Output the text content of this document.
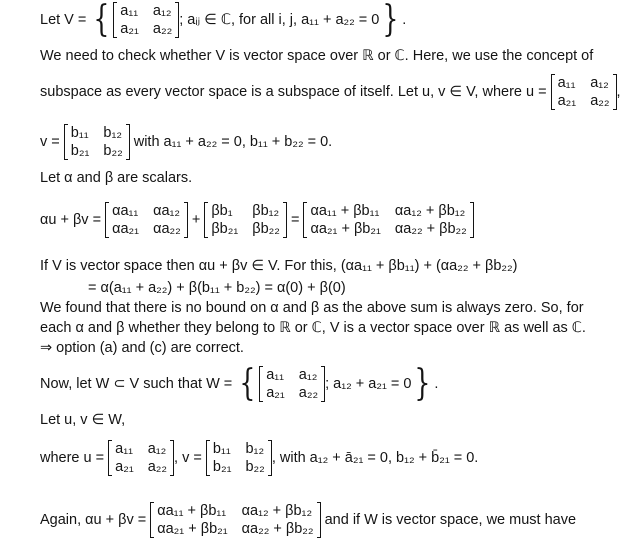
Let V = { a₁₁ a₁₂
a₂₁ a₂₂
; aᵢⱼ ∈ ℂ, for all i, j, a₁₁ + a₂₂ = 0 } .
We need to check whether V is vector space over ℝ or ℂ. Here, we use the concept of
subspace as every vector space is a subspace of itself. Let u, v ∈ V, where u =
a₁₁ a₁₂
a₂₁ a₂₂
,
v =
b₁₁ b₁₂
b₂₁ b₂₂
with a₁₁ + a₂₂ = 0, b₁₁ + b₂₂ = 0.
Let α and β are scalars.
αu + βv =
αa₁₁ αa₁₂
αa₂₁ αa₂₂
+
βb₁	βb₁₂
βb₂₁ βb₂₂
=
αa₁₁ + βb₁₁ αa₁₂ + βb₁₂
αa₂₁ + βb₂₁ αa₂₂ + βb₂₂
If V is vector space then αu + βv ∈ V. For this, (αa₁₁ + βb₁₁) + (αa₂₂ + βb₂₂)
= α(a₁₁ + a₂₂) + β(b₁₁ + b₂₂) = α(0) + β(0)
We found that there is no bound on α and β as the above sum is always zero. So, for
each α and β whether they belong to ℝ or ℂ, V is a vector space over ℝ as well as ℂ.
⇒ option (a) and (c) are correct.
Now, let W ⊂ V such that W = { a₁₁ a₁₂
a₂₁ a₂₂
; a₁₂ + a₂₁ = 0 } .
Let u, v ∈ W,
where u =
a₁₁ a₁₂
a₂₁ a₂₂
, v =
b₁₁ b₁₂
b₂₁ b₂₂
, with a₁₂ + ā₂₁ = 0, b₁₂ + b̄₂₁ = 0.
Again, αu + βv =
αa₁₁ + βb₁₁ αa₁₂ + βb₁₂
αa₂₁ + βb₂₁ αa₂₂ + βb₂₂
and if W is vector space, we must have
